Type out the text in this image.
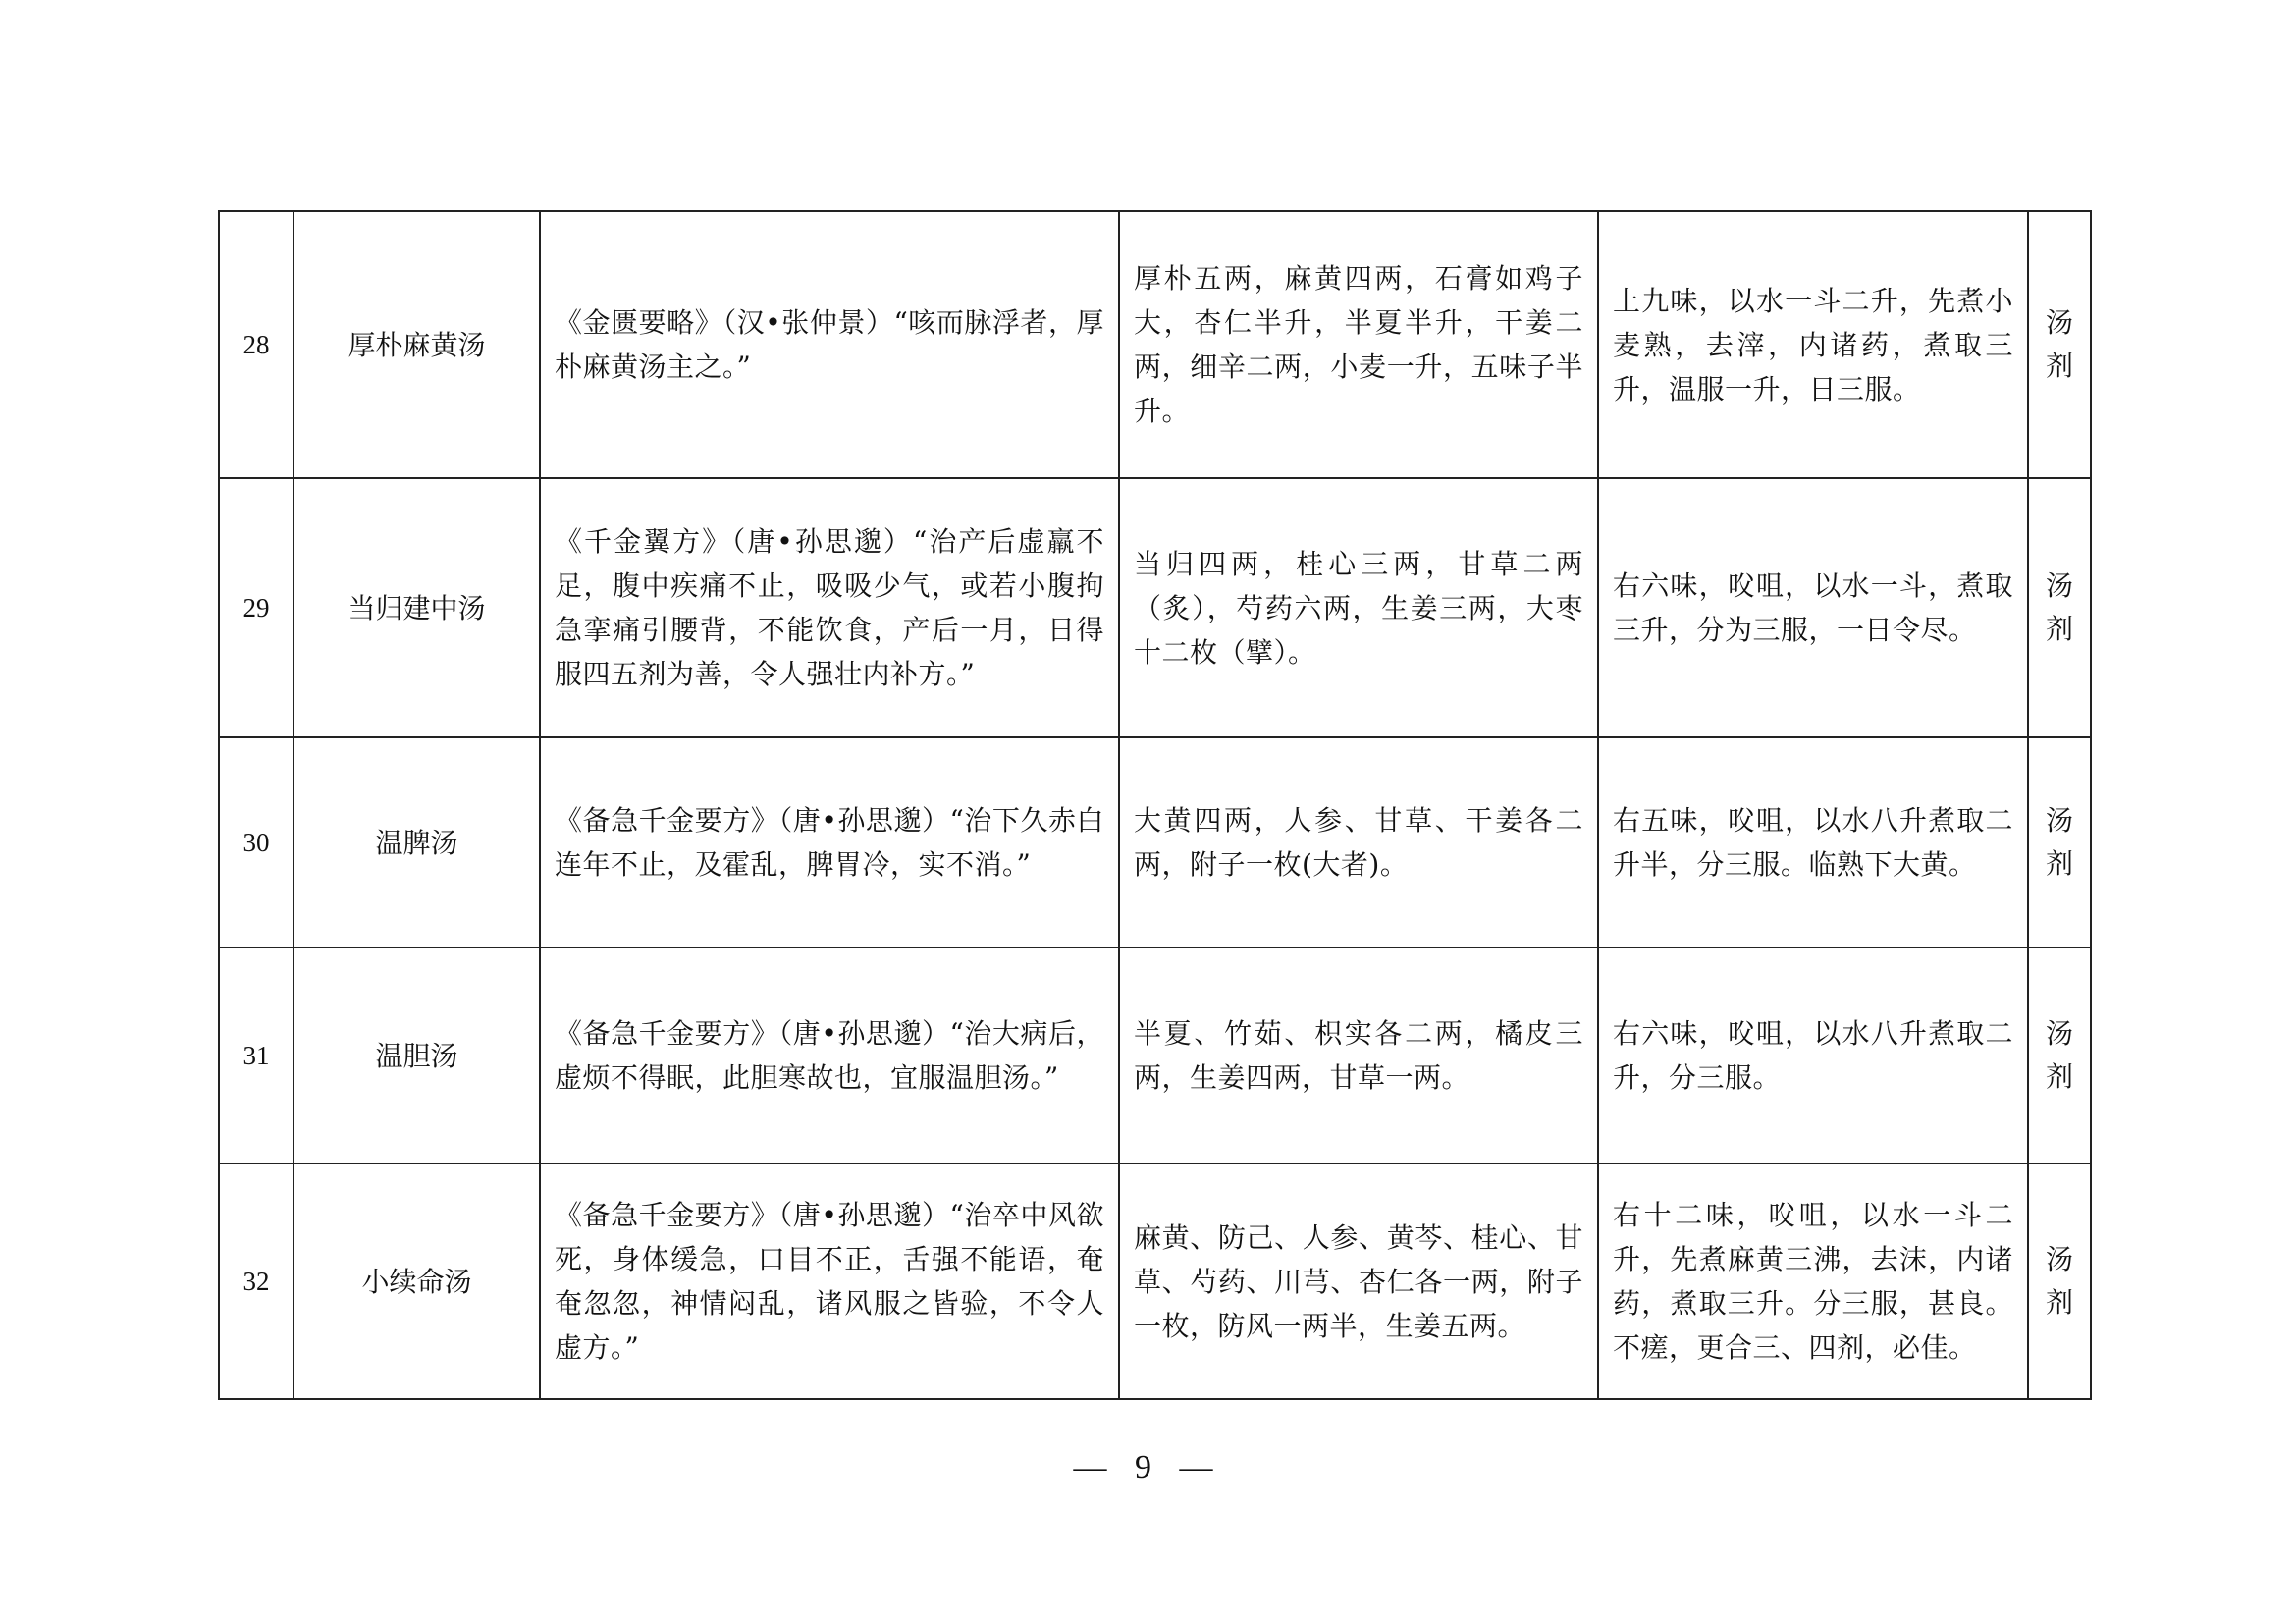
28	厚朴麻黄汤	《金匮要略》（汉•张仲景）“咳而脉浮者，厚朴麻黄汤主之。”	厚朴五两，麻黄四两，石膏如鸡子大，杏仁半升，半夏半升，干姜二两，细辛二两，小麦一升，五味子半升。	上九味，以水一斗二升，先煮小麦熟，去滓，内诸药，煮取三升，温服一升，日三服。	汤剂
29	当归建中汤	《千金翼方》（唐•孙思邈）“治产后虚羸不足，腹中疾痛不止，吸吸少气，或若小腹拘急挛痛引腰背，不能饮食，产后一月，日得服四五剂为善，令人强壮内补方。”	当归四两，桂心三两，甘草二两（炙），芍药六两，生姜三两，大枣十二枚（擘）。	右六味，㕮咀，以水一斗，煮取三升，分为三服，一日令尽。	汤剂
30	温脾汤	《备急千金要方》（唐•孙思邈）“治下久赤白连年不止，及霍乱，脾胃冷，实不消。”	大黄四两，人参、甘草、干姜各二两，附子一枚(大者)。	右五味，㕮咀，以水八升煮取二升半，分三服。临熟下大黄。	汤剂
31	温胆汤	《备急千金要方》（唐•孙思邈）“治大病后，虚烦不得眠，此胆寒故也，宜服温胆汤。”	半夏、竹茹、枳实各二两，橘皮三两，生姜四两，甘草一两。	右六味，㕮咀，以水八升煮取二升，分三服。	汤剂
32	小续命汤	《备急千金要方》（唐•孙思邈）“治卒中风欲死，身体缓急，口目不正，舌强不能语，奄奄忽忽，神情闷乱，诸风服之皆验，不令人虚方。”	麻黄、防己、人参、黄芩、桂心、甘草、芍药、川芎、杏仁各一两，附子一枚，防风一两半，生姜五两。	右十二味，㕮咀，以水一斗二升，先煮麻黄三沸，去沫，内诸药，煮取三升。分三服，甚良。不瘥，更合三、四剂，必佳。	汤剂
— 9 —
